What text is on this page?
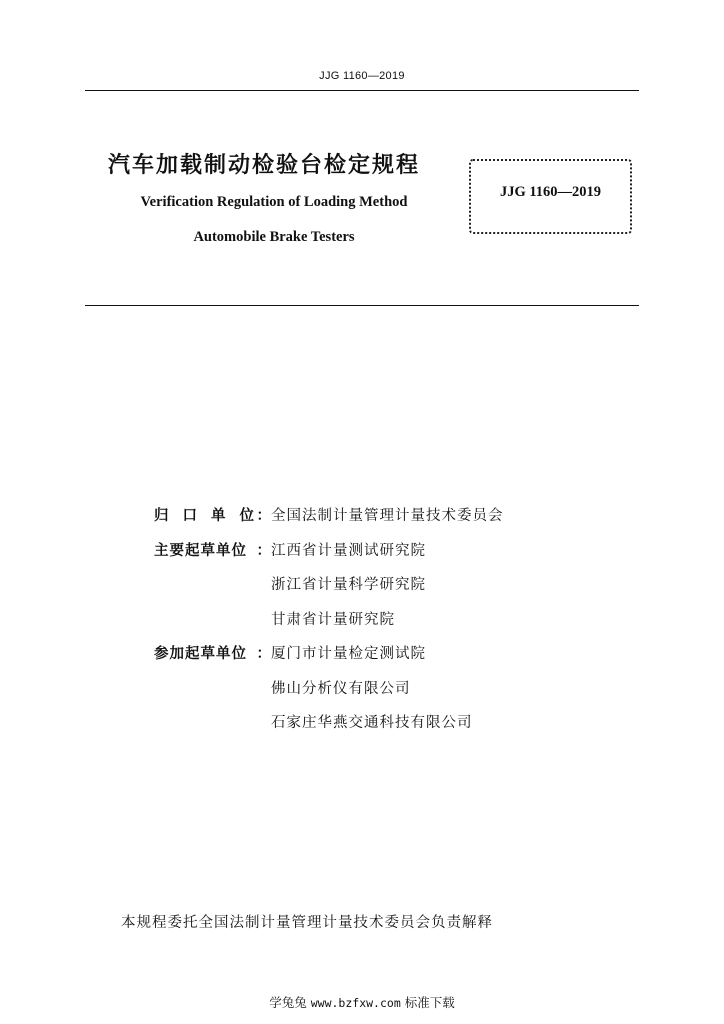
JJG 1160—2019
汽车加载制动检验台检定规程
Verification Regulation of Loading Method
Automobile Brake Testers
JJG 1160—2019
归 口 单 位 ： 全国法制计量管理计量技术委员会
主要起草单位 ： 江西省计量测试研究院
浙江省计量科学研究院
甘肃省计量研究院
参加起草单位 ： 厦门市计量检定测试院
佛山分析仪有限公司
石家庄华燕交通科技有限公司
本规程委托全国法制计量管理计量技术委员会负责解释
学兔兔 www.bzfxw.com 标准下载
